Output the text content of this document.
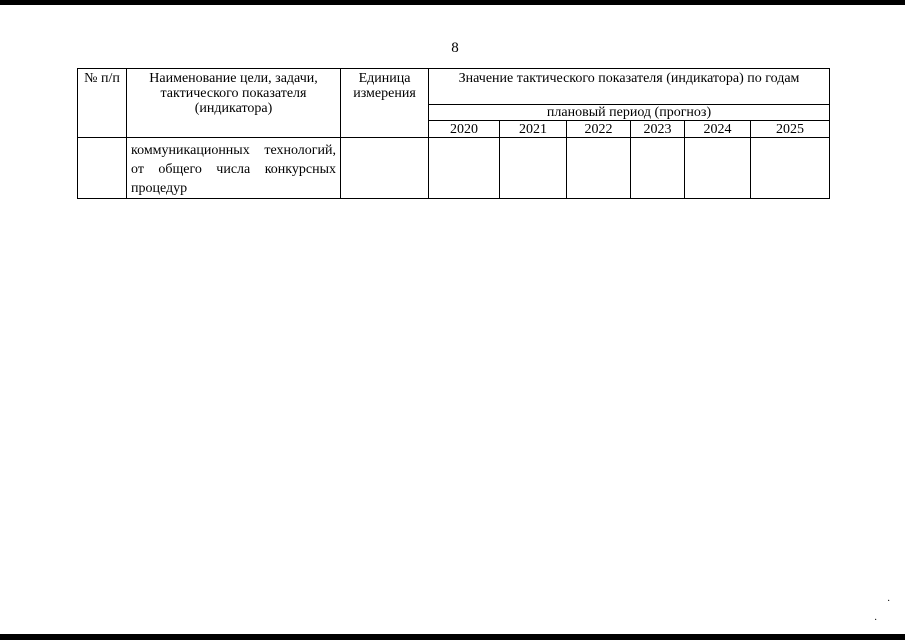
8
№ п/п	Наименование цели, задачи, тактического показателя (индикатора)	Единица измерения	Значение тактического показателя (индикатора) по годам					
			плановый период (прогноз)					
			2020	2021	2022	2023	2024	2025
	коммуникационных технологий, от общего числа конкурсных процедур							
·
·
